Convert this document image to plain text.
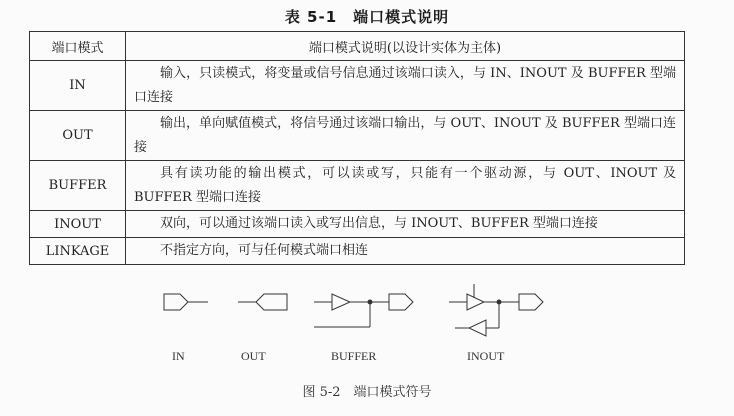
表 5-1　端口模式说明
端口模式	端口模式说明(以设计实体为主体)
IN	输入，只读模式，将变量或信号信息通过该端口读入，与 IN、INOUT 及 BUFFER 型端口连接
OUT	输出，单向赋值模式，将信号通过该端口输出，与 OUT、INOUT 及 BUFFER 型端口连接
BUFFER	具有读功能的输出模式，可以读或写，只能有一个驱动源，与 OUT、INOUT 及 BUFFER 型端口连接
INOUT	双向，可以通过该端口读入或写出信息，与 INOUT、BUFFER 型端口连接
LINKAGE	不指定方向，可与任何模式端口相连
IN	OUT	BUFFER	INOUT
图 5-2　端口模式符号
